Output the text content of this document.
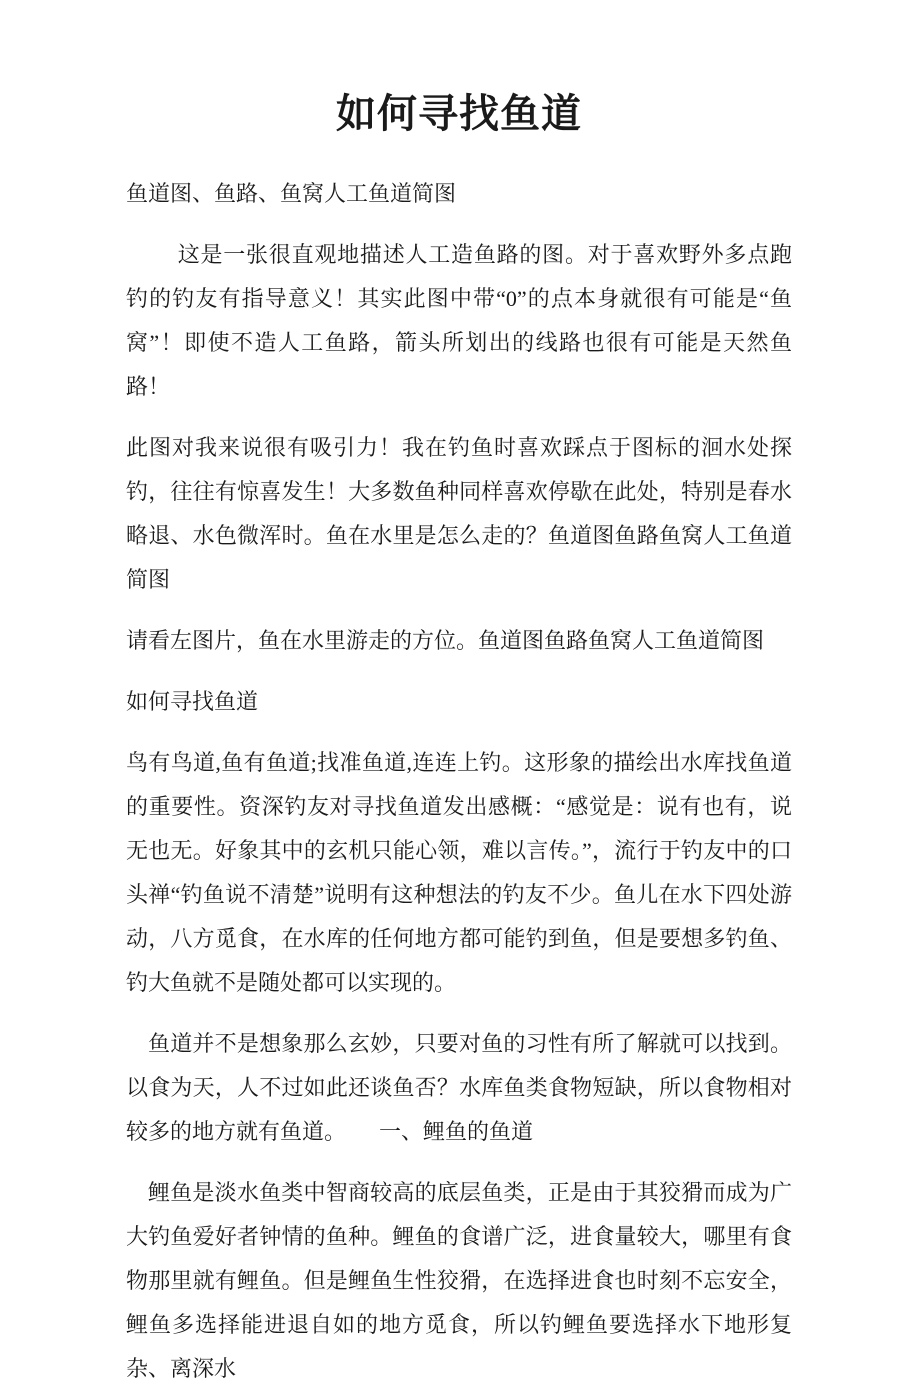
如何寻找鱼道

鱼道图、鱼路、鱼窝人工鱼道简图

这是一张很直观地描述人工造鱼路的图。对于喜欢野外多点跑钓的钓友有指导意义！其实此图中带“0”的点本身就很有可能是“鱼窝”！即使不造人工鱼路，箭头所划出的线路也很有可能是天然鱼路！

此图对我来说很有吸引力！我在钓鱼时喜欢踩点于图标的洄水处探钓，往往有惊喜发生！大多数鱼种同样喜欢停歇在此处，特别是春水略退、水色微浑时。鱼在水里是怎么走的？鱼道图鱼路鱼窝人工鱼道简图

请看左图片，鱼在水里游走的方位。鱼道图鱼路鱼窝人工鱼道简图

如何寻找鱼道

鸟有鸟道,鱼有鱼道;找准鱼道,连连上钓。这形象的描绘出水库找鱼道的重要性。资深钓友对寻找鱼道发出感概：“感觉是：说有也有，说无也无。好象其中的玄机只能心领，难以言传。”，流行于钓友中的口头禅“钓鱼说不清楚”说明有这种想法的钓友不少。鱼儿在水下四处游动，八方觅食，在水库的任何地方都可能钓到鱼，但是要想多钓鱼、钓大鱼就不是随处都可以实现的。

鱼道并不是想象那么玄妙，只要对鱼的习性有所了解就可以找到。以食为天，人不过如此还谈鱼否？水库鱼类食物短缺，所以食物相对较多的地方就有鱼道。　　一、鲤鱼的鱼道

鲤鱼是淡水鱼类中智商较高的底层鱼类，正是由于其狡猾而成为广大钓鱼爱好者钟情的鱼种。鲤鱼的食谱广泛，进食量较大，哪里有食物那里就有鲤鱼。但是鲤鱼生性狡猾，在选择进食也时刻不忘安全，鲤鱼多选择能进退自如的地方觅食，所以钓鲤鱼要选择水下地形复杂、离深水
